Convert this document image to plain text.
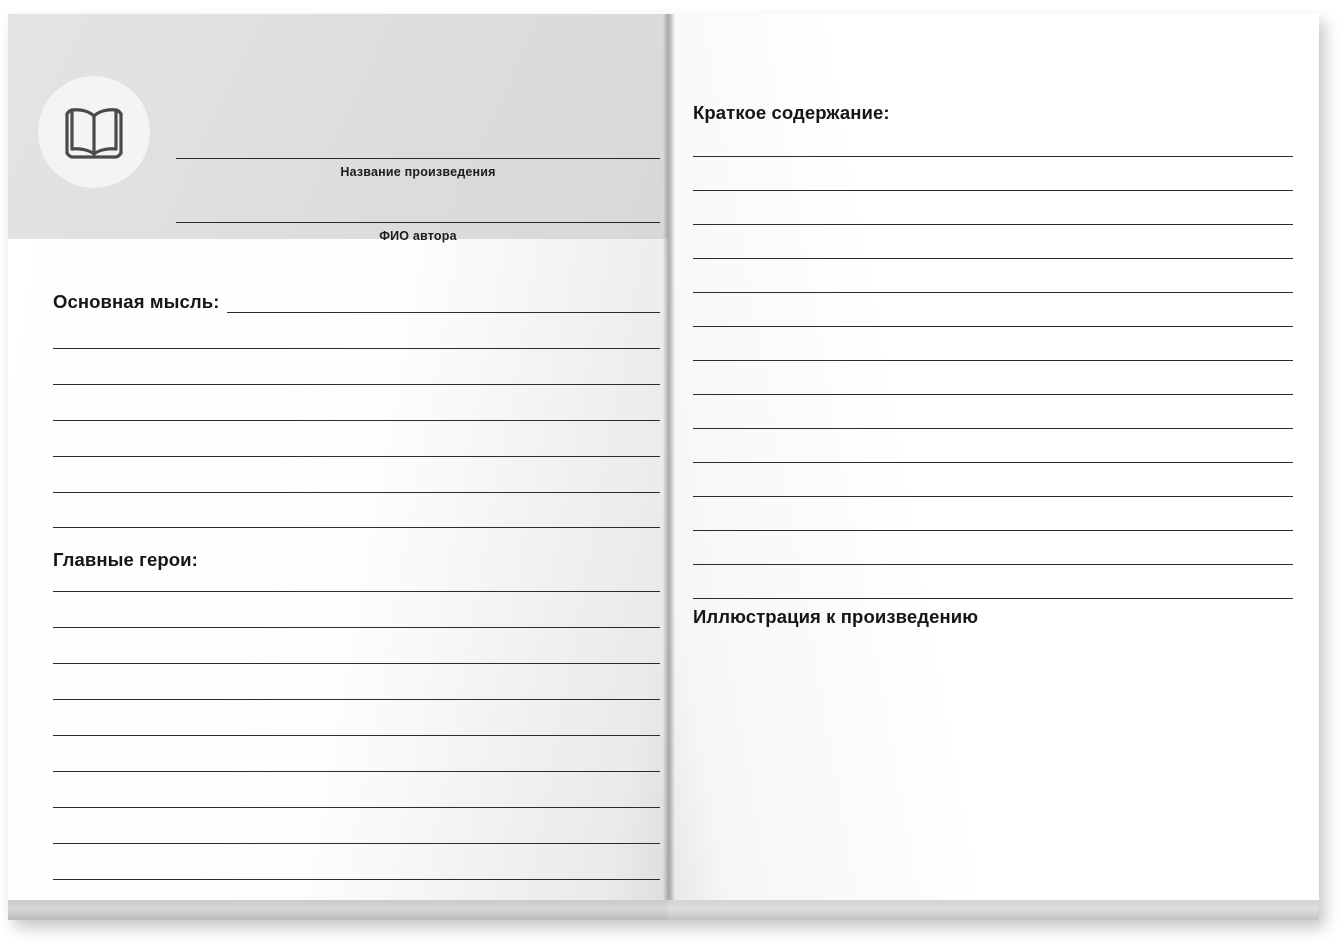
Название произведения
ФИО автора
Основная мысль:
Главные герои:
Краткое содержание:
Иллюстрация к произведению
